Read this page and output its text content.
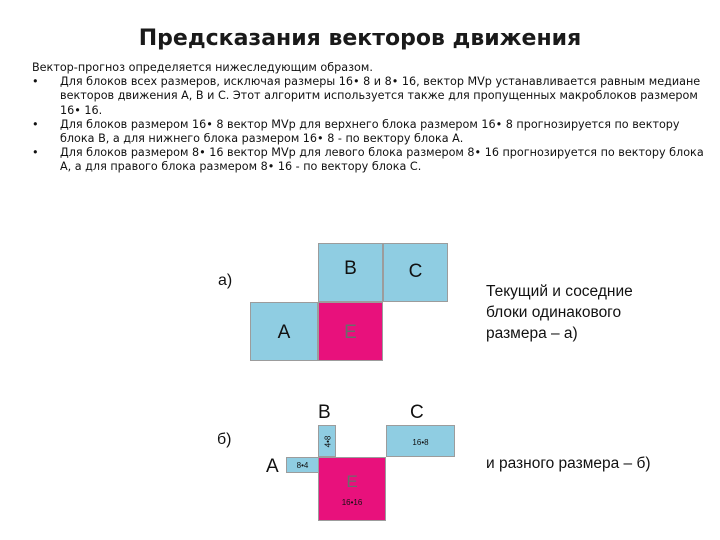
Предсказания векторов движения
Вектор-прогноз определяется нижеследующим образом.
• Для блоков всех размеров, исключая размеры 16• 8 и 8• 16, вектор MVp устанавливается равным медиане векторов движения A, B и C. Этот алгоритм используется также для пропущенных макроблоков размером 16• 16.
• Для блоков размером 16• 8 вектор MVp для верхнего блока размером 16• 8 прогнозируется по вектору блока B, а для нижнего блока размером 16• 8 - по вектору блока А.
• Для блоков размером 8• 16 вектор MVp для левого блока размером 8• 16 прогнозируется по вектору блока A, а для правого блока размером 8• 16 - по вектору блока C.
а)
B	C
A	E
Текущий и соседние блоки одинакового размера – а)
б)
B
4•8
C
16•8
A	8•4
E
16•16
и разного размера – б)
